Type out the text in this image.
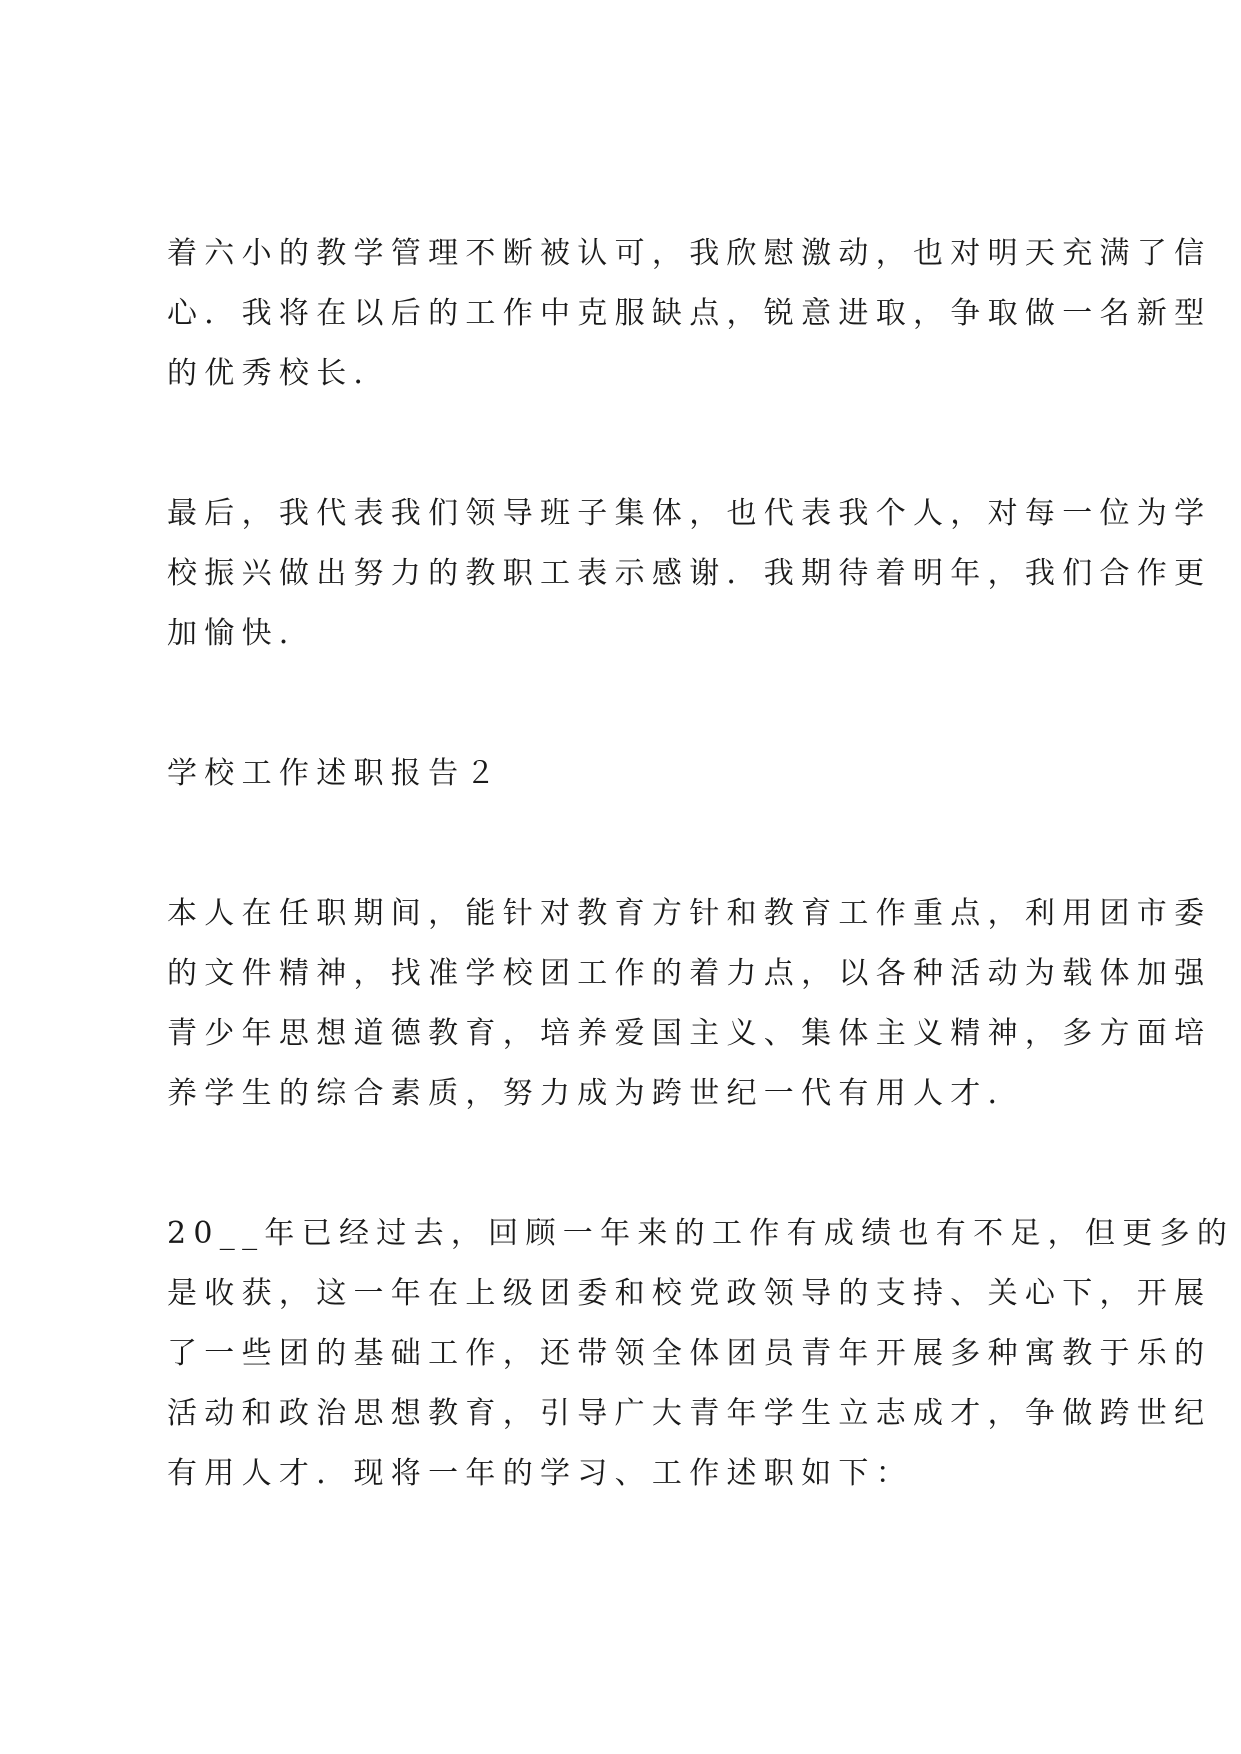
着六小的教学管理不断被认可，我欣慰激动，也对明天充满了信
心．我将在以后的工作中克服缺点，锐意进取，争取做一名新型
的优秀校长．
最后，我代表我们领导班子集体，也代表我个人，对每一位为学
校振兴做出努力的教职工表示感谢．我期待着明年，我们合作更
加愉快．
学校工作述职报告２
本人在任职期间，能针对教育方针和教育工作重点，利用团市委
的文件精神，找准学校团工作的着力点，以各种活动为载体加强
青少年思想道德教育，培养爱国主义、集体主义精神，多方面培
养学生的综合素质，努力成为跨世纪一代有用人才．
20__年已经过去，回顾一年来的工作有成绩也有不足，但更多的
是收获，这一年在上级团委和校党政领导的支持、关心下，开展
了一些团的基础工作，还带领全体团员青年开展多种寓教于乐的
活动和政治思想教育，引导广大青年学生立志成才，争做跨世纪
有用人才．现将一年的学习、工作述职如下：
